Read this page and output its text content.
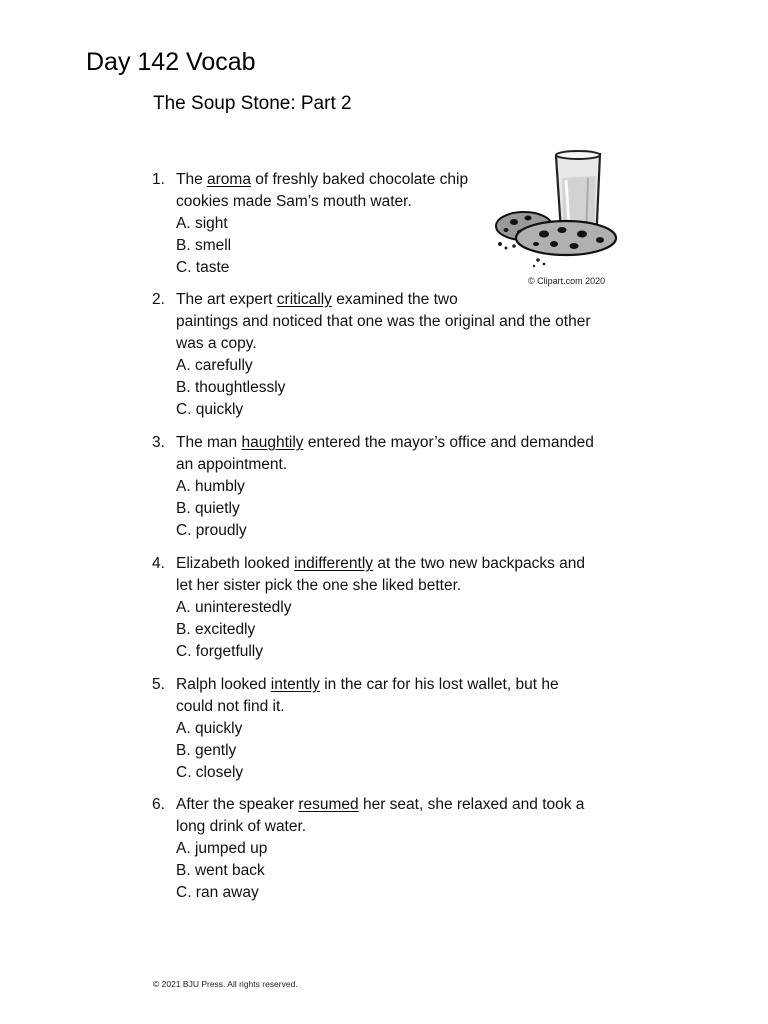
Day 142 Vocab
The Soup Stone: Part 2
© Clipart.com 2020
1. The aroma of freshly baked chocolate chip
cookies made Sam’s mouth water.

A. sight
B. smell
C. taste
2. The art expert critically examined the two
paintings and noticed that one was the original and the other
was a copy.

A. carefully
B. thoughtlessly
C. quickly
3. The man haughtily entered the mayor’s office and demanded
an appointment.

A. humbly
B. quietly
C. proudly
4. Elizabeth looked indifferently at the two new backpacks and
let her sister pick the one she liked better.

A. uninterestedly
B. excitedly
C. forgetfully
5. Ralph looked intently in the car for his lost wallet, but he
could not find it.

A. quickly
B. gently
C. closely
6. After the speaker resumed her seat, she relaxed and took a
long drink of water.

A. jumped up
B. went back
C. ran away
© 2021 BJU Press. All rights reserved.
